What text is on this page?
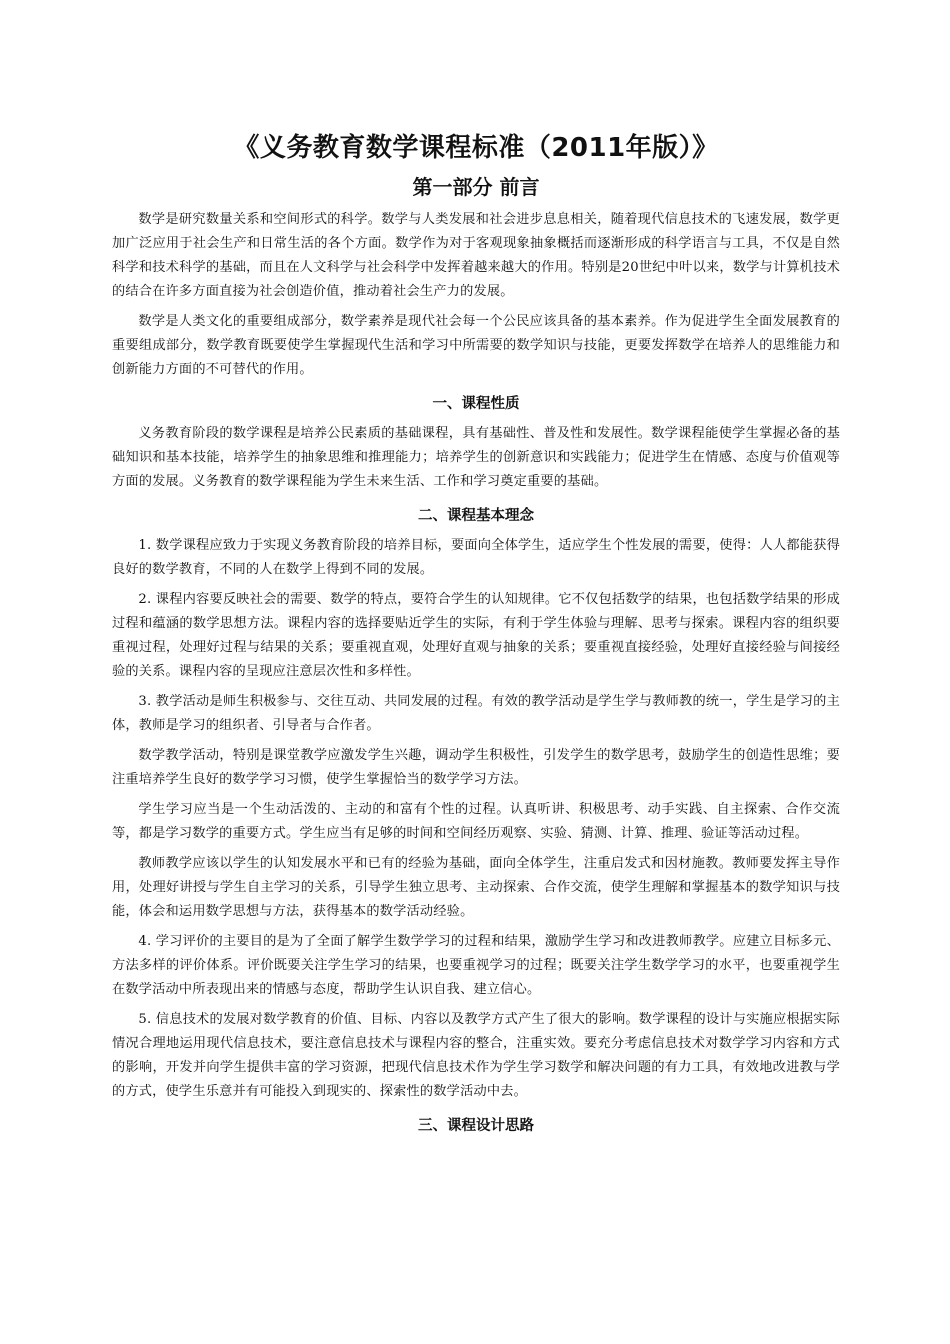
《义务教育数学课程标准（2011年版）》
第一部分 前言

数学是研究数量关系和空间形式的科学。数学与人类发展和社会进步息息相关，随着现代信息技术的飞速发展，数学更加广泛应用于社会生产和日常生活的各个方面。数学作为对于客观现象抽象概括而逐渐形成的科学语言与工具，不仅是自然科学和技术科学的基础，而且在人文科学与社会科学中发挥着越来越大的作用。特别是20世纪中叶以来，数学与计算机技术的结合在许多方面直接为社会创造价值，推动着社会生产力的发展。

数学是人类文化的重要组成部分，数学素养是现代社会每一个公民应该具备的基本素养。作为促进学生全面发展教育的重要组成部分，数学教育既要使学生掌握现代生活和学习中所需要的数学知识与技能，更要发挥数学在培养人的思维能力和创新能力方面的不可替代的作用。

一、课程性质

义务教育阶段的数学课程是培养公民素质的基础课程，具有基础性、普及性和发展性。数学课程能使学生掌握必备的基础知识和基本技能，培养学生的抽象思维和推理能力；培养学生的创新意识和实践能力；促进学生在情感、态度与价值观等方面的发展。义务教育的数学课程能为学生未来生活、工作和学习奠定重要的基础。

二、课程基本理念

1. 数学课程应致力于实现义务教育阶段的培养目标，要面向全体学生，适应学生个性发展的需要，使得：人人都能获得良好的数学教育，不同的人在数学上得到不同的发展。

2. 课程内容要反映社会的需要、数学的特点，要符合学生的认知规律。它不仅包括数学的结果，也包括数学结果的形成过程和蕴涵的数学思想方法。课程内容的选择要贴近学生的实际，有利于学生体验与理解、思考与探索。课程内容的组织要重视过程，处理好过程与结果的关系；要重视直观，处理好直观与抽象的关系；要重视直接经验，处理好直接经验与间接经验的关系。课程内容的呈现应注意层次性和多样性。

3. 教学活动是师生积极参与、交往互动、共同发展的过程。有效的教学活动是学生学与教师教的统一，学生是学习的主体，教师是学习的组织者、引导者与合作者。

数学教学活动，特别是课堂教学应激发学生兴趣，调动学生积极性，引发学生的数学思考，鼓励学生的创造性思维；要注重培养学生良好的数学学习习惯，使学生掌握恰当的数学学习方法。

学生学习应当是一个生动活泼的、主动的和富有个性的过程。认真听讲、积极思考、动手实践、自主探索、合作交流等，都是学习数学的重要方式。学生应当有足够的时间和空间经历观察、实验、猜测、计算、推理、验证等活动过程。

教师教学应该以学生的认知发展水平和已有的经验为基础，面向全体学生，注重启发式和因材施教。教师要发挥主导作用，处理好讲授与学生自主学习的关系，引导学生独立思考、主动探索、合作交流，使学生理解和掌握基本的数学知识与技能，体会和运用数学思想与方法，获得基本的数学活动经验。

4. 学习评价的主要目的是为了全面了解学生数学学习的过程和结果，激励学生学习和改进教师教学。应建立目标多元、方法多样的评价体系。评价既要关注学生学习的结果，也要重视学习的过程；既要关注学生数学学习的水平，也要重视学生在数学活动中所表现出来的情感与态度，帮助学生认识自我、建立信心。

5. 信息技术的发展对数学教育的价值、目标、内容以及教学方式产生了很大的影响。数学课程的设计与实施应根据实际情况合理地运用现代信息技术，要注意信息技术与课程内容的整合，注重实效。要充分考虑信息技术对数学学习内容和方式的影响，开发并向学生提供丰富的学习资源，把现代信息技术作为学生学习数学和解决问题的有力工具，有效地改进教与学的方式，使学生乐意并有可能投入到现实的、探索性的数学活动中去。

三、课程设计思路
